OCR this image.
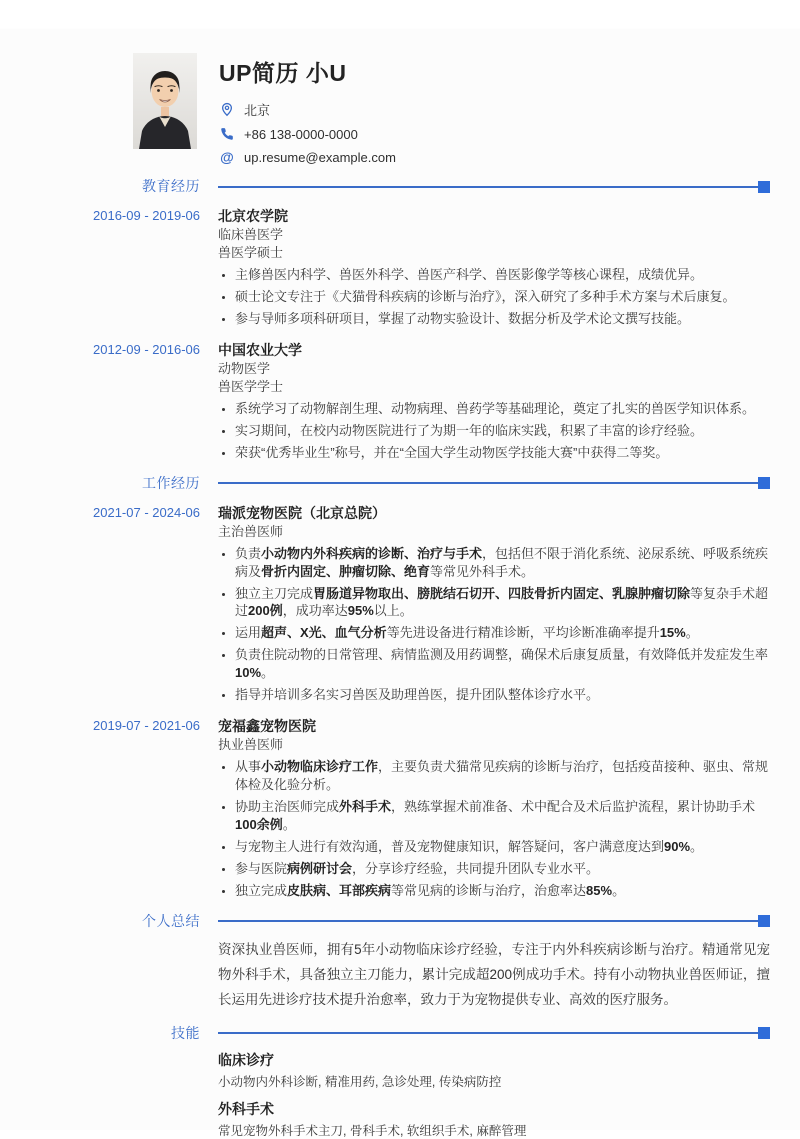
UP简历 小U
北京
+86 138-0000-0000
@ up.resume@example.com
教育经历
2016-09 - 2019-06 北京农学院
临床兽医学
兽医学硕士
• 主修兽医内科学、兽医外科学、兽医产科学、兽医影像学等核心课程，成绩优异。
• 硕士论文专注于《犬猫骨科疾病的诊断与治疗》，深入研究了多种手术方案与术后康复。
• 参与导师多项科研项目，掌握了动物实验设计、数据分析及学术论文撰写技能。
2012-09 - 2016-06 中国农业大学
动物医学
兽医学学士
• 系统学习了动物解剖生理、动物病理、兽药学等基础理论，奠定了扎实的兽医学知识体系。
• 实习期间，在校内动物医院进行了为期一年的临床实践，积累了丰富的诊疗经验。
• 荣获“优秀毕业生”称号，并在“全国大学生动物医学技能大赛”中获得二等奖。
工作经历
2021-07 - 2024-06 瑞派宠物医院（北京总院）
主治兽医师
• 负责小动物内外科疾病的诊断、治疗与手术，包括但不限于消化系统、泌尿系统、呼吸系统疾病及骨折内固定、肿瘤切除、绝育等常见外科手术。
• 独立主刀完成胃肠道异物取出、膀胱结石切开、四肢骨折内固定、乳腺肿瘤切除等复杂手术超过200例，成功率达95%以上。
• 运用超声、X光、血气分析等先进设备进行精准诊断，平均诊断准确率提升15%。
• 负责住院动物的日常管理、病情监测及用药调整，确保术后康复质量，有效降低并发症发生率10%。
• 指导并培训多名实习兽医及助理兽医，提升团队整体诊疗水平。
2019-07 - 2021-06 宠福鑫宠物医院
执业兽医师
• 从事小动物临床诊疗工作，主要负责犬猫常见疾病的诊断与治疗，包括疫苗接种、驱虫、常规体检及化验分析。
• 协助主治医师完成外科手术，熟练掌握术前准备、术中配合及术后监护流程，累计协助手术100余例。
• 与宠物主人进行有效沟通，普及宠物健康知识，解答疑问，客户满意度达到90%。
• 参与医院病例研讨会，分享诊疗经验，共同提升团队专业水平。
• 独立完成皮肤病、耳部疾病等常见病的诊断与治疗，治愈率达85%。
个人总结
资深执业兽医师，拥有5年小动物临床诊疗经验，专注于内外科疾病诊断与治疗。精通常见宠物外科手术，具备独立主刀能力，累计完成超200例成功手术。持有小动物执业兽医师证，擅长运用先进诊疗技术提升治愈率，致力于为宠物提供专业、高效的医疗服务。
技能
临床诊疗
小动物内外科诊断, 精准用药, 急诊处理, 传染病防控
外科手术
常见宠物外科手术主刀, 骨科手术, 软组织手术, 麻醉管理
